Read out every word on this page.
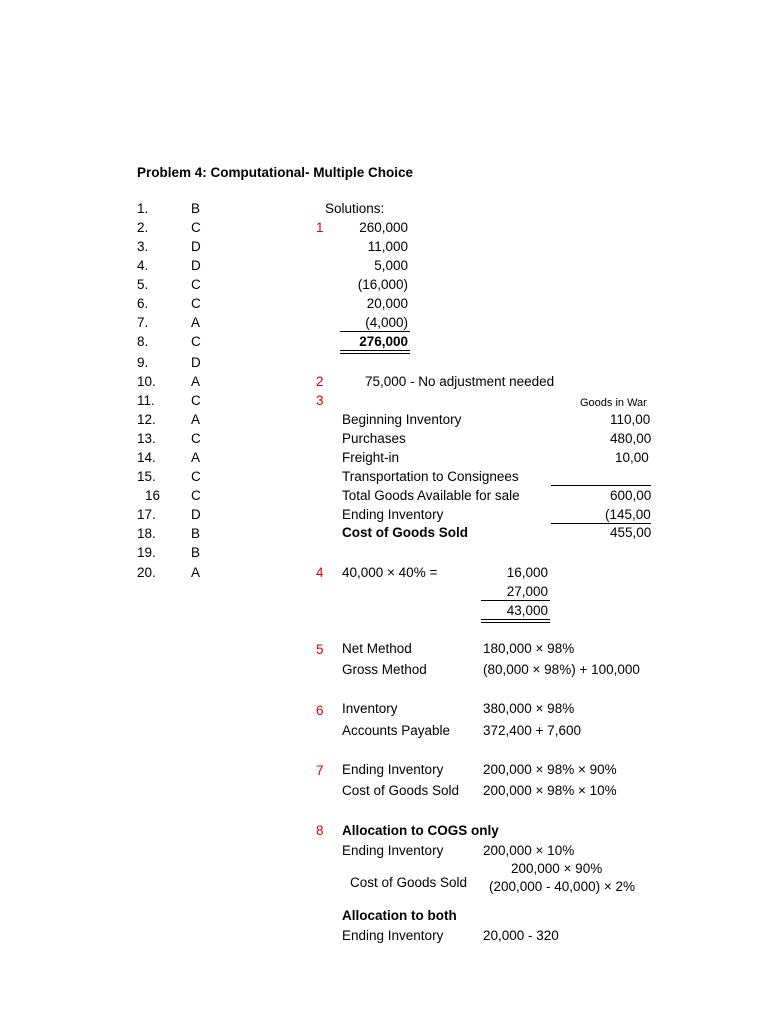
Problem 4: Computational- Multiple Choice
1.	B
2.	C
3.	D
4.	D
5.	C
6.	C
7.	A
8.	C
9.	D
10.	A
11.	C
12.	A
13.	C
14.	A
15.	C
16 C
17.	D
18.	B
19.	B
20.	A
Solutions:
1	260,000
11,000
5,000
(16,000)
20,000
(4,000)
276,000
2	75,000 - No adjustment needed
3	Goods in War
Beginning Inventory	110,00
Purchases	480,00
Freight-in	10,00
Transportation to Consignees
Total Goods Available for sale	600,00
Ending Inventory	(145,00
Cost of Goods Sold	455,00
4 40,000 × 40% =	16,000
27,000
43,000
5 Net Method	180,000 × 98%
Gross Method	(80,000 × 98%) + 100,000
6 Inventory	380,000 × 98%
Accounts Payable 372,400 + 7,600
7 Ending Inventory	200,000 × 98% × 90%
Cost of Goods Sold 200,000 × 98% × 10%
8 Allocation to COGS only
Ending Inventory	200,000 × 10%
200,000 × 90%
Cost of Goods Sold (200,000 - 40,000) × 2%
Allocation to both
Ending Inventory	20,000 - 320
